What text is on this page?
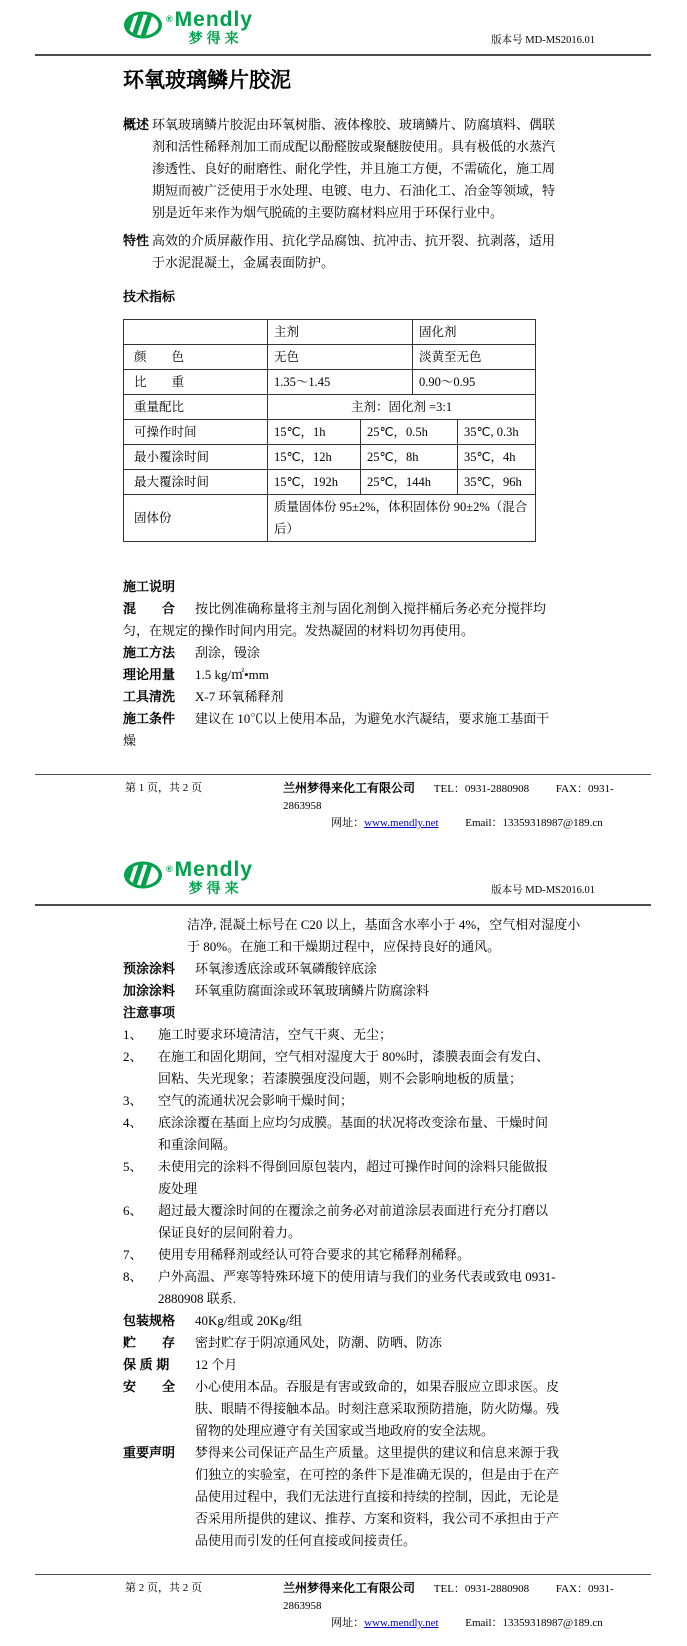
® Mendly
梦得来	版本号 MD-MS2016.01
环氧玻璃鳞片胶泥

概述 环氧玻璃鳞片胶泥由环氧树脂、液体橡胶、玻璃鳞片、防腐填料、偶联剂和活性稀释剂加工而成配以酚醛胺或聚醚胺使用。具有极低的水蒸汽渗透性、良好的耐磨性、耐化学性，并且施工方便，不需硫化，施工周期短而被广泛使用于水处理、电镀、电力、石油化工、冶金等领域，特别是近年来作为烟气脱硫的主要防腐材料应用于环保行业中。

特性 高效的介质屏蔽作用、抗化学品腐蚀、抗冲击、抗开裂、抗剥落，适用于水泥混凝土，金属表面防护。

技术指标

	主剂		固化剂	
颜　　色	无色		淡黄至无色	
比　　重	1.35～1.45		0.90～0.95	
重量配比	主剂：固化剂 =3:1			
可操作时间	15℃，1h	25℃，0.5h		35℃, 0.3h
最小覆涂时间	15℃，12h	25℃，8h		35℃，4h
最大覆涂时间	15℃，192h	25℃，144h		35℃，96h
固体份	质量固体份 95±2%，体积固体份 90±2%（混合后）			

施工说明

混　　合 按比例准确称量将主剂与固化剂倒入搅拌桶后务必充分搅拌均匀，在规定的操作时间内用完。发热凝固的材料切勿再使用。

施工方法 刮涂，镘涂

理论用量 1.5 kg/㎡•mm

工具清洗 X-7 环氧稀释剂

施工条件 建议在 10℃以上使用本品，为避免水汽凝结，要求施工基面干燥

第 1 页，共 2 页	兰州梦得来化工有限公司 TEL：0931-2880908 FAX：0931-2863958
网址：www.mendly.net Email：13359318987@189.cn
® Mendly
梦得来	版本号 MD-MS2016.01

洁净, 混凝土标号在 C20 以上，基面含水率小于 4%，空气相对湿度小于 80%。在施工和干燥期过程中，应保持良好的通风。

预涂涂料 环氧渗透底涂或环氧磷酸锌底涂

加涂涂料 环氧重防腐面涂或环氧玻璃鳞片防腐涂料

注意事项

1、 施工时要求环境清洁，空气干爽、无尘；

2、 在施工和固化期间，空气相对湿度大于 80%时，漆膜表面会有发白、回粘、失光现象；若漆膜强度没问题，则不会影响地板的质量；

3、 空气的流通状况会影响干燥时间；

4、 底涂涂覆在基面上应均匀成膜。基面的状况将改变涂布量、干燥时间和重涂间隔。

5、 未使用完的涂料不得倒回原包装内，超过可操作时间的涂料只能做报废处理

6、 超过最大覆涂时间的在覆涂之前务必对前道涂层表面进行充分打磨以保证良好的层间附着力。

7、 使用专用稀释剂或经认可符合要求的其它稀释剂稀释。

8、 户外高温、严寒等特殊环境下的使用请与我们的业务代表或致电 0931-2880908 联系.

包装规格 40Kg/组或 20Kg/组

贮　　存 密封贮存于阴凉通风处，防潮、防晒、防冻

保 质 期 12 个月

安　　全 小心使用本品。吞服是有害或致命的，如果吞服应立即求医。皮肤、眼睛不得接触本品。时刻注意采取预防措施，防火防爆。残留物的处理应遵守有关国家或当地政府的安全法规。

重要声明 梦得来公司保证产品生产质量。这里提供的建议和信息来源于我们独立的实验室，在可控的条件下是准确无误的，但是由于在产品使用过程中，我们无法进行直接和持续的控制，因此，无论是否采用所提供的建议、推荐、方案和资料，我公司不承担由于产品使用而引发的任何直接或间接责任。

第 2 页，共 2 页	兰州梦得来化工有限公司 TEL：0931-2880908 FAX：0931-2863958
网址：www.mendly.net Email：13359318987@189.cn
